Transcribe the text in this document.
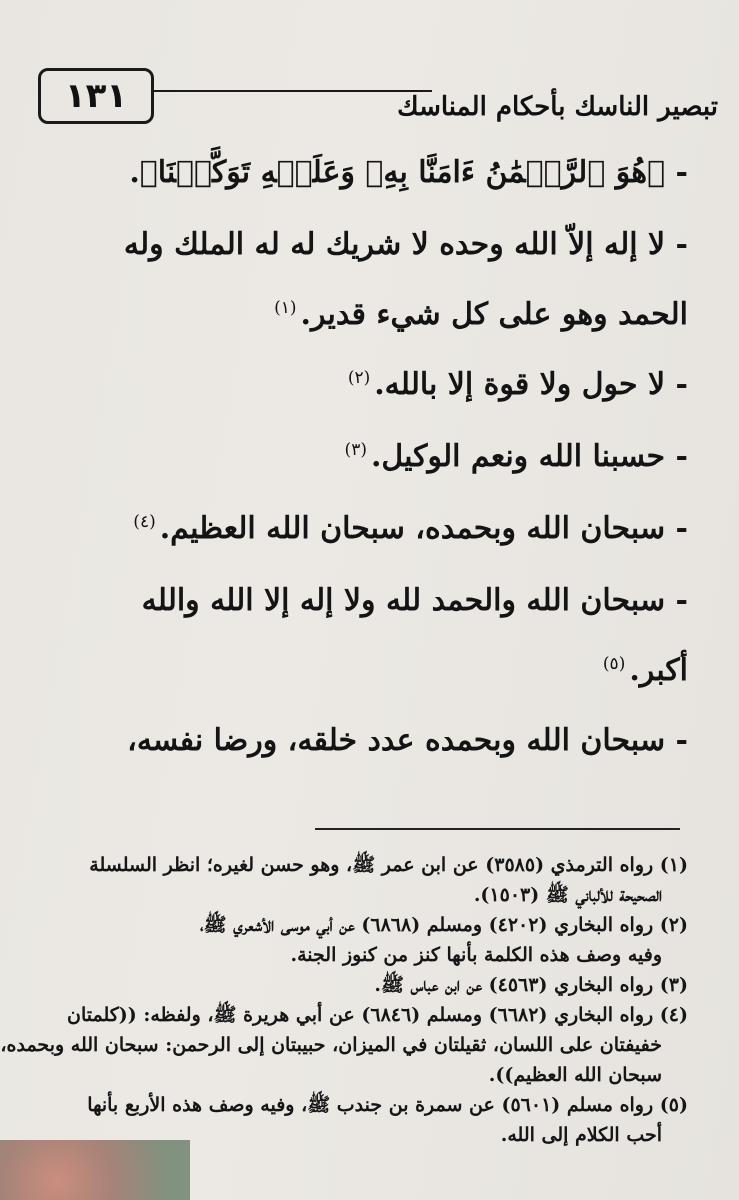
١٣١	تبصير الناسك بأحكام المناسك
- ﴿هُوَ ٱلرَّحۡمَٰنُ ءَامَنَّا بِهِۦ وَعَلَيۡهِ تَوَكَّلۡنَا﴾.
- لا إله إلاّ الله وحده لا شريك له له الملك وله
الحمد وهو على كل شيء قدير.$^{(١)}$
- لا حول ولا قوة إلا بالله.$^{(٢)}$
- حسبنا الله ونعم الوكيل.$^{(٣)}$
- سبحان الله وبحمده، سبحان الله العظيم.$^{(٤)}$
- سبحان الله والحمد لله ولا إله إلا الله والله
أكبر.$^{(٥)}$
- سبحان الله وبحمده عدد خلقه، ورضا نفسه،
(١) رواه الترمذي (٣٥٨٥) عن ابن عمر ﷺ، وهو حسن لغيره؛ انظر السلسلة
الصحيحة للألباني ﷺ (١٥٠٣).
(٢) رواه البخاري (٤٢٠٢) ومسلم (٦٨٦٨) عن أبي موسى الأشعري ﷺ،
وفيه وصف هذه الكلمة بأنها كنز من كنوز الجنة.
(٣) رواه البخاري (٤٥٦٣) عن ابن عباس ﷺ.
(٤) رواه البخاري (٦٦٨٢) ومسلم (٦٨٤٦) عن أبي هريرة ﷺ، ولفظه: ((كلمتان
خفيفتان على اللسان، ثقيلتان في الميزان، حبيبتان إلى الرحمن: سبحان الله وبحمده،
سبحان الله العظيم)).
(٥) رواه مسلم (٥٦٠١) عن سمرة بن جندب ﷺ، وفيه وصف هذه الأربع بأنها
أحب الكلام إلى الله.
